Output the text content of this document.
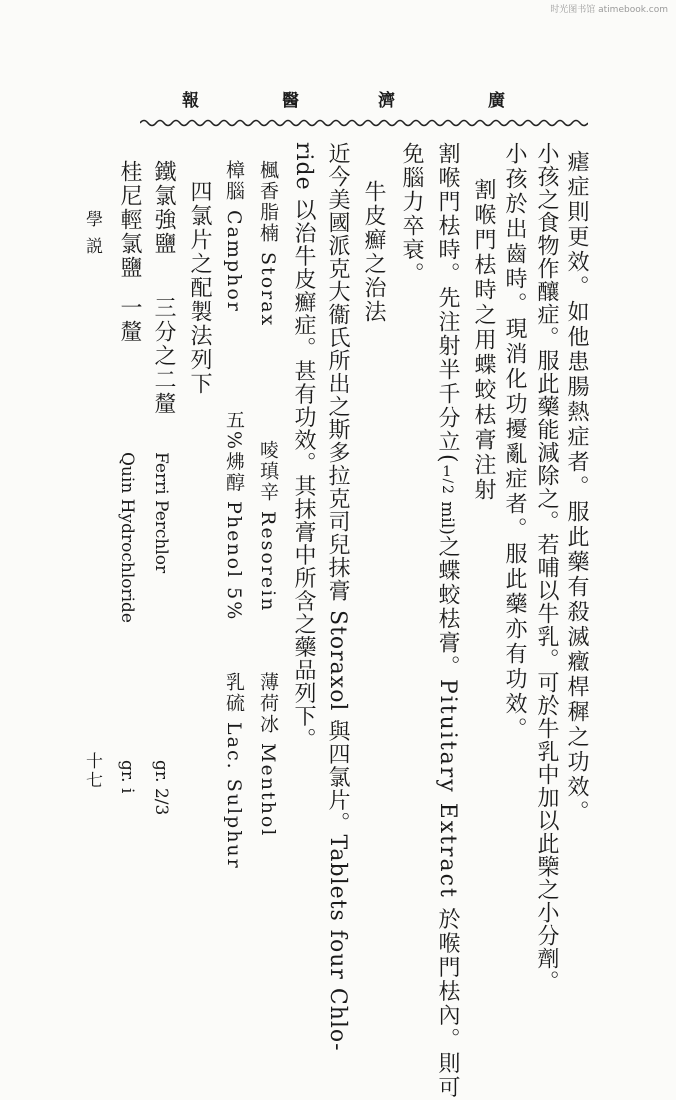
时光图书馆 atimebook.com
廣
濟
醫
報
瘧症則更效。如他患腸熱症者。服此藥有殺滅癥桿穉之功效。
小孩之食物作釀症。服此藥能減除之。若哺以牛乳。可於牛乳中加以此㯺之小分劑。
小孩於出齒時。現消化功擾亂症者。服此藥亦有功效。
割喉門㭕時之用蝶蛟㭕膏注射
割喉門㭕時。先注射半千分立(1/2 mil)之蝶蛟㭕膏。Pituitary Extract 於喉門㭕內。則可
免腦力卒衰。
牛皮癬之治法
近今美國派克大衞氏所出之斯多拉克司兒抹膏 Storaxol 與四氯片。Tablets four Chlo-
ride 以治牛皮癬症。甚有功效。其抹膏中所含之藥品列下。
楓香脂楠 Storax
㖫瑱辛 Resorein
薄荷冰 Menthol
樟腦 Camphor
五%炥醇 Phenol 5%
乳硫 Lac. Sulphur
四氯片之配製法列下
鐵氯強鹽
三分之二釐
Ferri Perchlor
gr. 2/3
桂尼輕氯鹽
一釐
Quin Hydrochloride
gr. i
學説
十七
